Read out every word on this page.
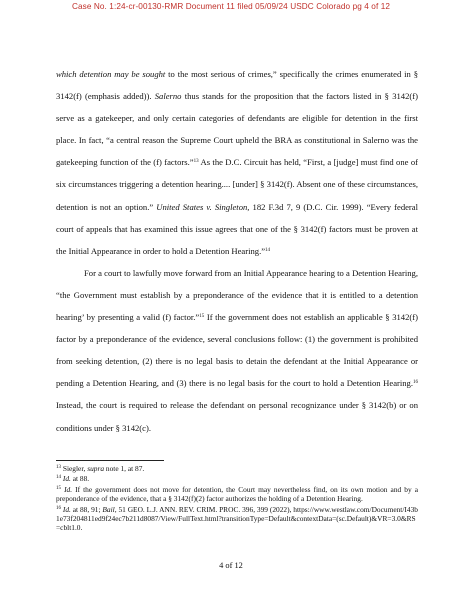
Case No. 1:24-cr-00130-RMR Document 11 filed 05/09/24 USDC Colorado pg 4 of 12

which detention may be sought to the most serious of crimes,” specifically the crimes enumerated in § 3142(f) (emphasis added)). Salerno thus stands for the proposition that the factors listed in § 3142(f) serve as a gatekeeper, and only certain categories of defendants are eligible for detention in the first place. In fact, “a central reason the Supreme Court upheld the BRA as constitutional in Salerno was the gatekeeping function of the (f) factors.”$^{13}$ As the D.C. Circuit has held, “First, a [judge] must find one of six circumstances triggering a detention hearing.... [under] § 3142(f). Absent one of these circumstances, detention is not an option.” United States v. Singleton, 182 F.3d 7, 9 (D.C. Cir. 1999). “Every federal court of appeals that has examined this issue agrees that one of the § 3142(f) factors must be proven at the Initial Appearance in order to hold a Detention Hearing.”$^{14}$

For a court to lawfully move forward from an Initial Appearance hearing to a Detention Hearing, “the Government must establish by a preponderance of the evidence that it is entitled to a detention hearing’ by presenting a valid (f) factor.”$^{15}$ If the government does not establish an applicable § 3142(f) factor by a preponderance of the evidence, several conclusions follow: (1) the government is prohibited from seeking detention, (2) there is no legal basis to detain the defendant at the Initial Appearance or pending a Detention Hearing, and (3) there is no legal basis for the court to hold a Detention Hearing.$^{16}$ Instead, the court is required to release the defendant on personal recognizance under § 3142(b) or on conditions under § 3142(c).

$^{13}$ Siegler, supra note 1, at 87.

$^{14}$ Id. at 88.

$^{15}$ Id. If the government does not move for detention, the Court may nevertheless find, on its own motion and by a preponderance of the evidence, that a § 3142(f)(2) factor authorizes the holding of a Detention Hearing.

$^{16}$ Id. at 88, 91; Bail, 51 GEO. L.J. ANN. REV. CRIM. PROC. 396, 399 (2022), https://www.westlaw.com/Document/I43b1e73f204811ed9f24ec7b211d8087/View/FullText.html?transitionType=Default&contextData=(sc.Default)&VR=3.0&RS=cblt1.0.

4 of 12
